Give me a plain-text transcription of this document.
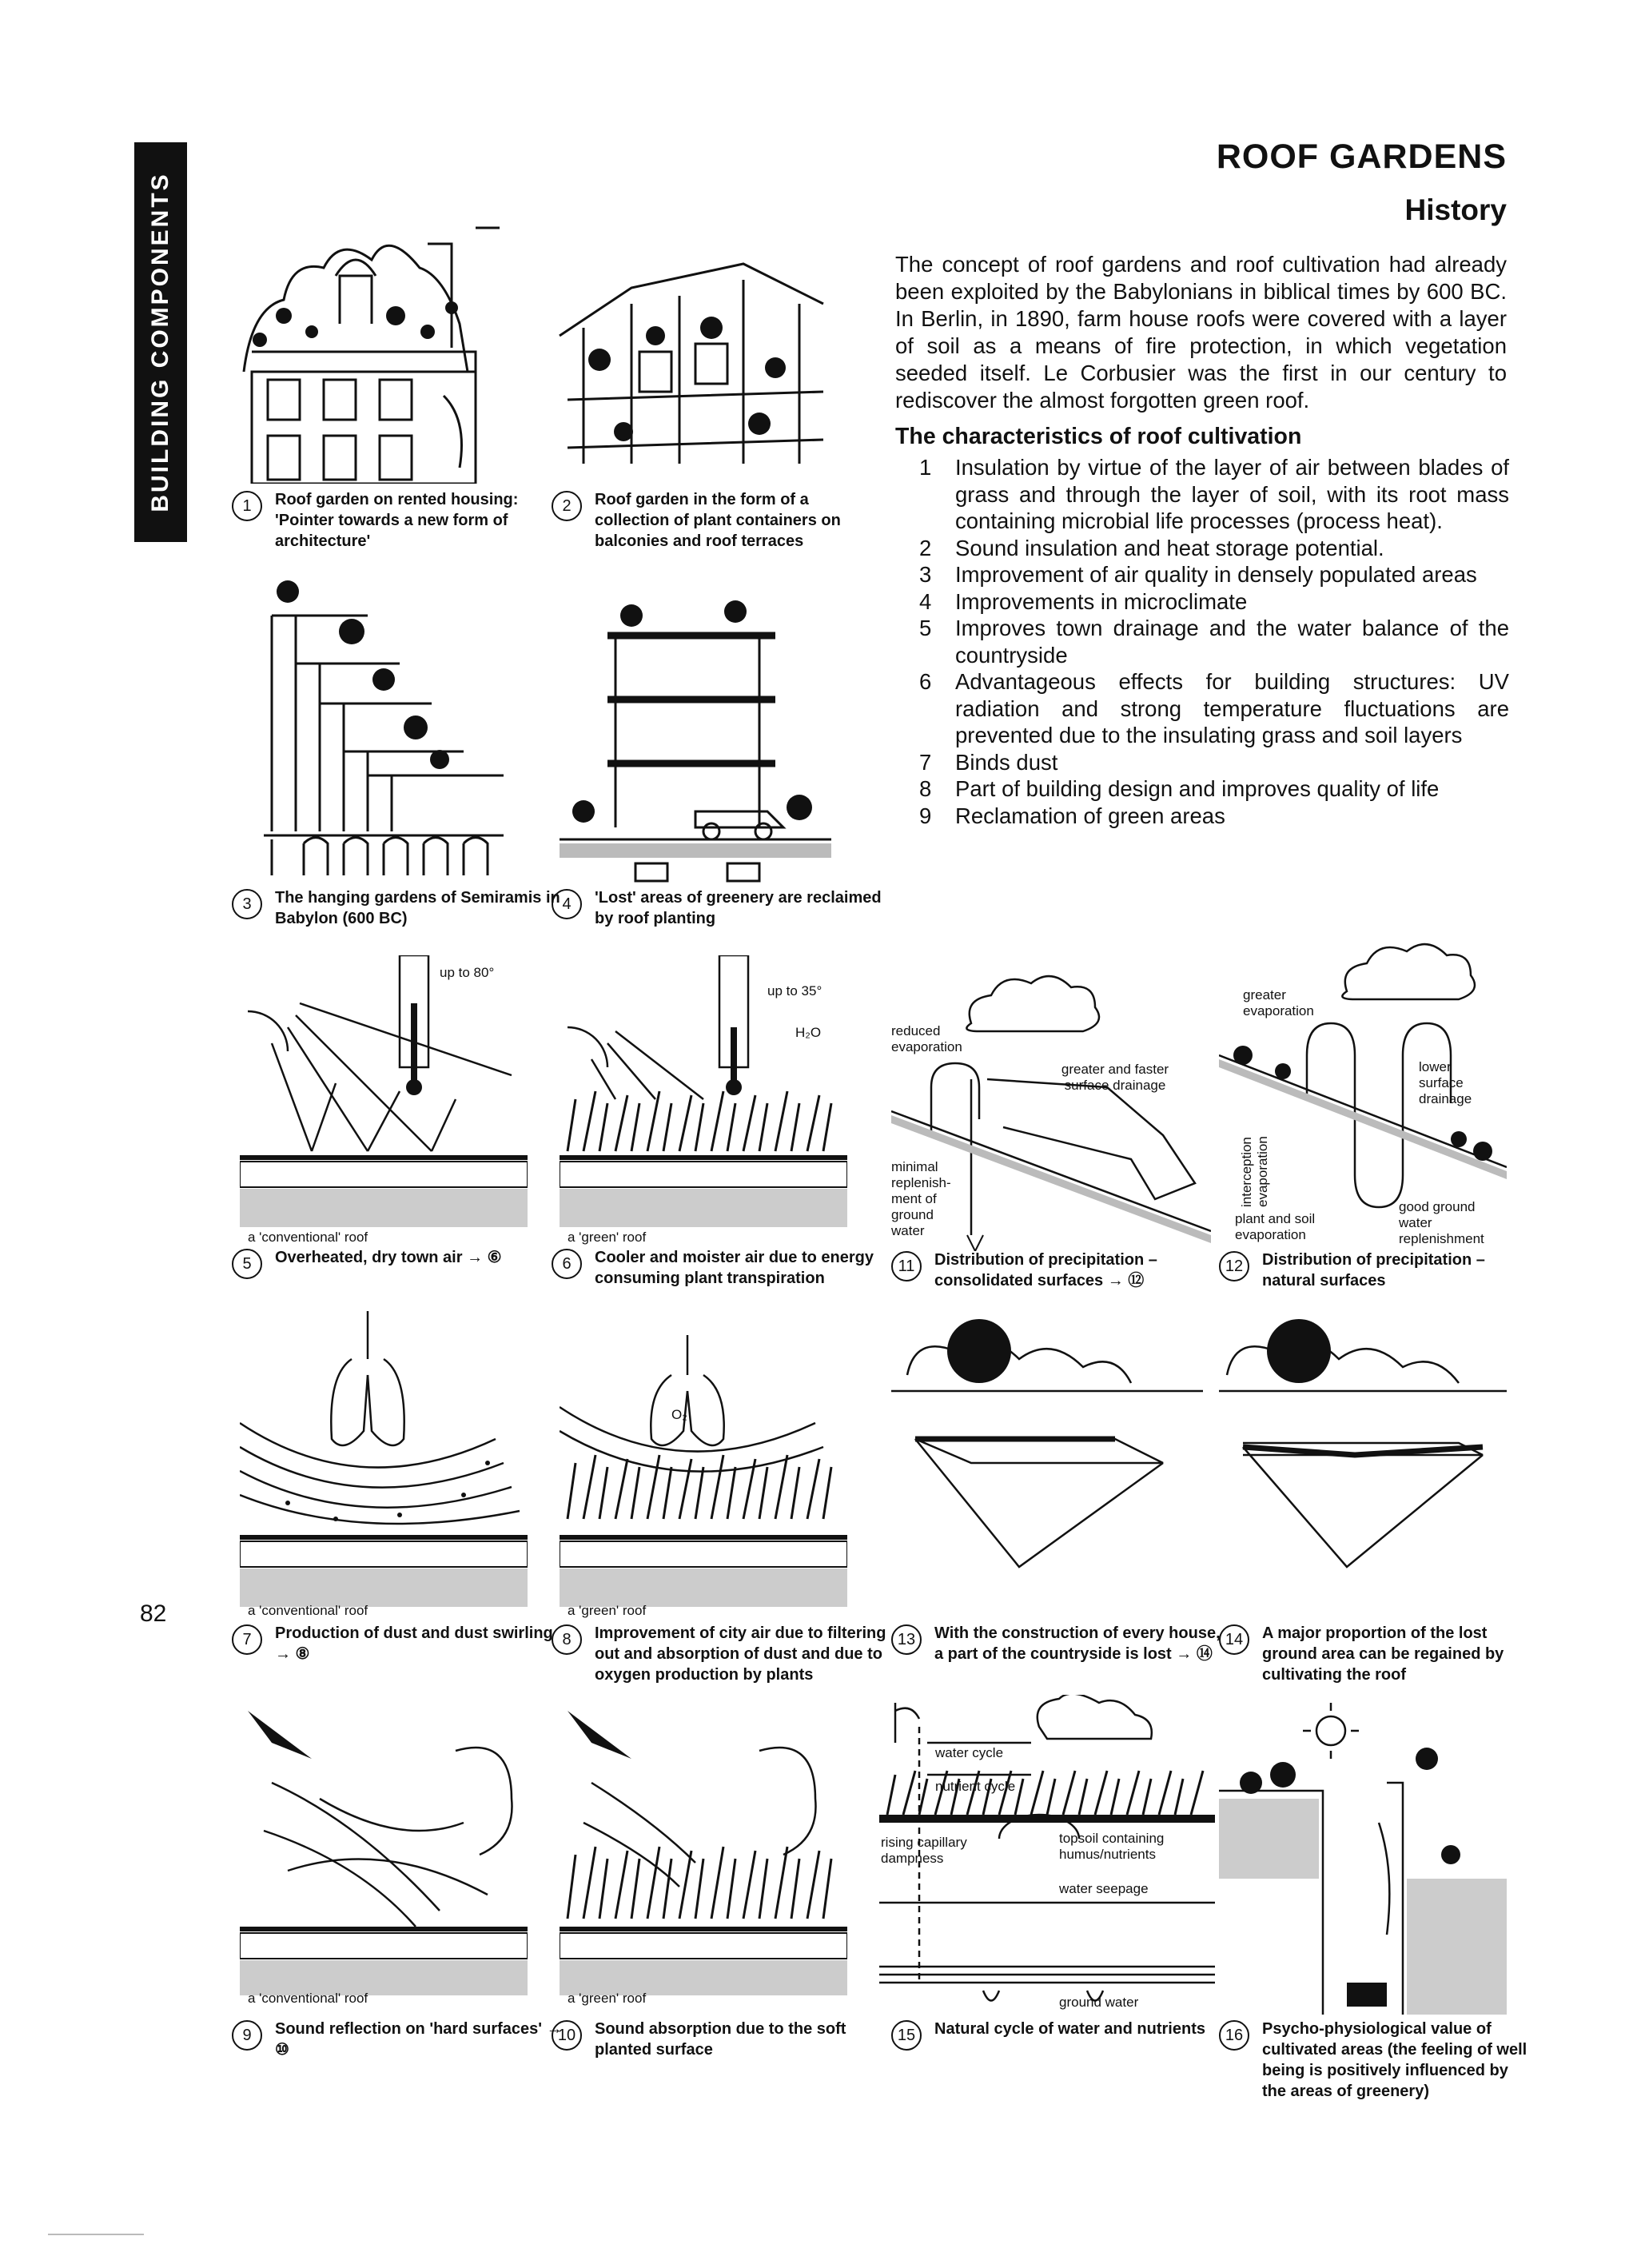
BUILDING COMPONENTS
ROOF GARDENS
History
The concept of roof gardens and roof cultivation had already been exploited by the Babylonians in biblical times by 600 BC. In Berlin, in 1890, farm house roofs were covered with a layer of soil as a means of fire protection, in which vegetation seeded itself. Le Corbusier was the first in our century to rediscover the almost forgotten green roof.
The characteristics of roof cultivation
1 Insulation by virtue of the layer of air between blades of grass and through the layer of soil, with its root mass containing microbial life processes (process heat).
2 Sound insulation and heat storage potential.
3 Improvement of air quality in densely populated areas
4 Improvements in microclimate
5 Improves town drainage and the water balance of the countryside
6 Advantageous effects for building structures: UV radiation and strong temperature fluctuations are prevented due to the insulating grass and soil layers
7 Binds dust
8 Part of building design and improves quality of life
9 Reclamation of green areas
1	Roof garden on rented housing: 'Pointer towards a new form of architecture'
2	Roof garden in the form of a collection of plant containers on balconies and roof terraces
3	The hanging gardens of Semiramis in Babylon (600 BC)
4	'Lost' areas of greenery are reclaimed by roof planting
up to 80°
a 'conventional' roof
5	Overheated, dry town air → ⑥
up to 35°
H₂O
a 'green' roof
6	Cooler and moister air due to energy consuming plant transpiration
a 'conventional' roof
7	Production of dust and dust swirling → ⑧
O₂
a 'green' roof
8	Improvement of city air due to filtering out and absorption of dust and due to oxygen production by plants
a 'conventional' roof
9	Sound reflection on 'hard surfaces' → ⑩
a 'green' roof
10	Sound absorption due to the soft planted surface
reduced evaporation
greater and faster surface drainage
minimal replenish-ment of ground water
11	Distribution of precipitation – consolidated surfaces → ⑫
greater evaporation
lower surface drainage
interception evaporation
plant and soil evaporation
good ground water replenishment
12	Distribution of precipitation – natural surfaces
13	With the construction of every house, a part of the countryside is lost → ⑭
14	A major proportion of the lost ground area can be regained by cultivating the roof
water cycle
nutrient cycle
rising capillary dampness
topsoil containing humus/nutrients
water seepage
ground water
15	Natural cycle of water and nutrients	16	Psycho-physiological value of cultivated areas (the feeling of well being is positively influenced by the areas of greenery)
82
